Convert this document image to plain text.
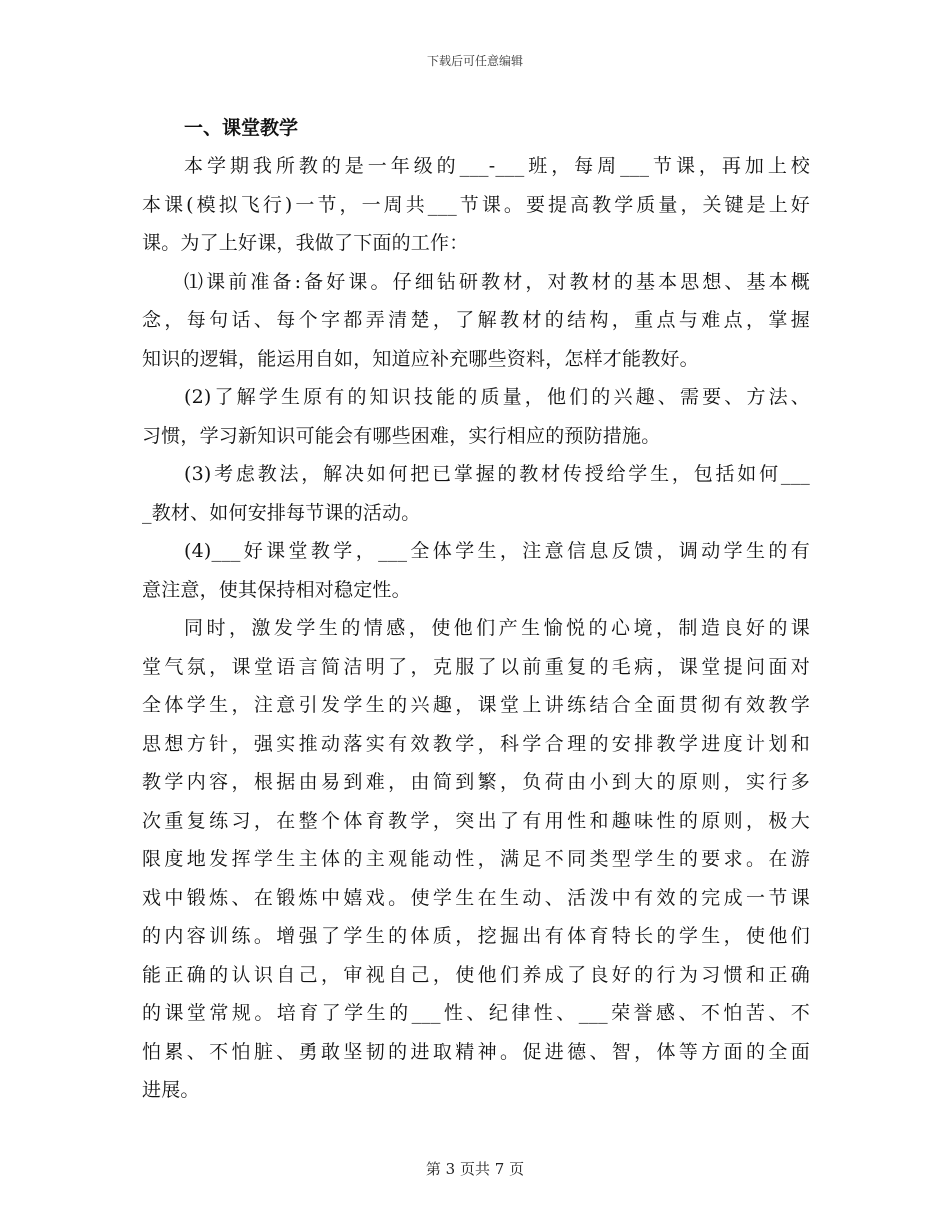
下载后可任意编辑
一、课堂教学
本学期我所教的是一年级的___-___班，每周___节课，再加上校
本课(模拟飞行)一节，一周共___节课。要提高教学质量，关键是上好
课。为了上好课，我做了下面的工作：
⑴课前准备:备好课。仔细钻研教材，对教材的基本思想、基本概
念，每句话、每个字都弄清楚，了解教材的结构，重点与难点，掌握
知识的逻辑，能运用自如，知道应补充哪些资料，怎样才能教好。
(2)了解学生原有的知识技能的质量，他们的兴趣、需要、方法、
习惯，学习新知识可能会有哪些困难，实行相应的预防措施。
(3)考虑教法，解决如何把已掌握的教材传授给学生，包括如何___
_教材、如何安排每节课的活动。
(4)___好课堂教学，___全体学生，注意信息反馈，调动学生的有
意注意，使其保持相对稳定性。
同时，激发学生的情感，使他们产生愉悦的心境，制造良好的课
堂气氛，课堂语言简洁明了，克服了以前重复的毛病，课堂提问面对
全体学生，注意引发学生的兴趣，课堂上讲练结合全面贯彻有效教学
思想方针，强实推动落实有效教学，科学合理的安排教学进度计划和
教学内容，根据由易到难，由简到繁，负荷由小到大的原则，实行多
次重复练习，在整个体育教学，突出了有用性和趣味性的原则，极大
限度地发挥学生主体的主观能动性，满足不同类型学生的要求。在游
戏中锻炼、在锻炼中嬉戏。使学生在生动、活泼中有效的完成一节课
的内容训练。增强了学生的体质，挖掘出有体育特长的学生，使他们
能正确的认识自己，审视自己，使他们养成了良好的行为习惯和正确
的课堂常规。培育了学生的___性、纪律性、___荣誉感、不怕苦、不
怕累、不怕脏、勇敢坚韧的进取精神。促进德、智，体等方面的全面
进展。
第 3 页共 7 页
